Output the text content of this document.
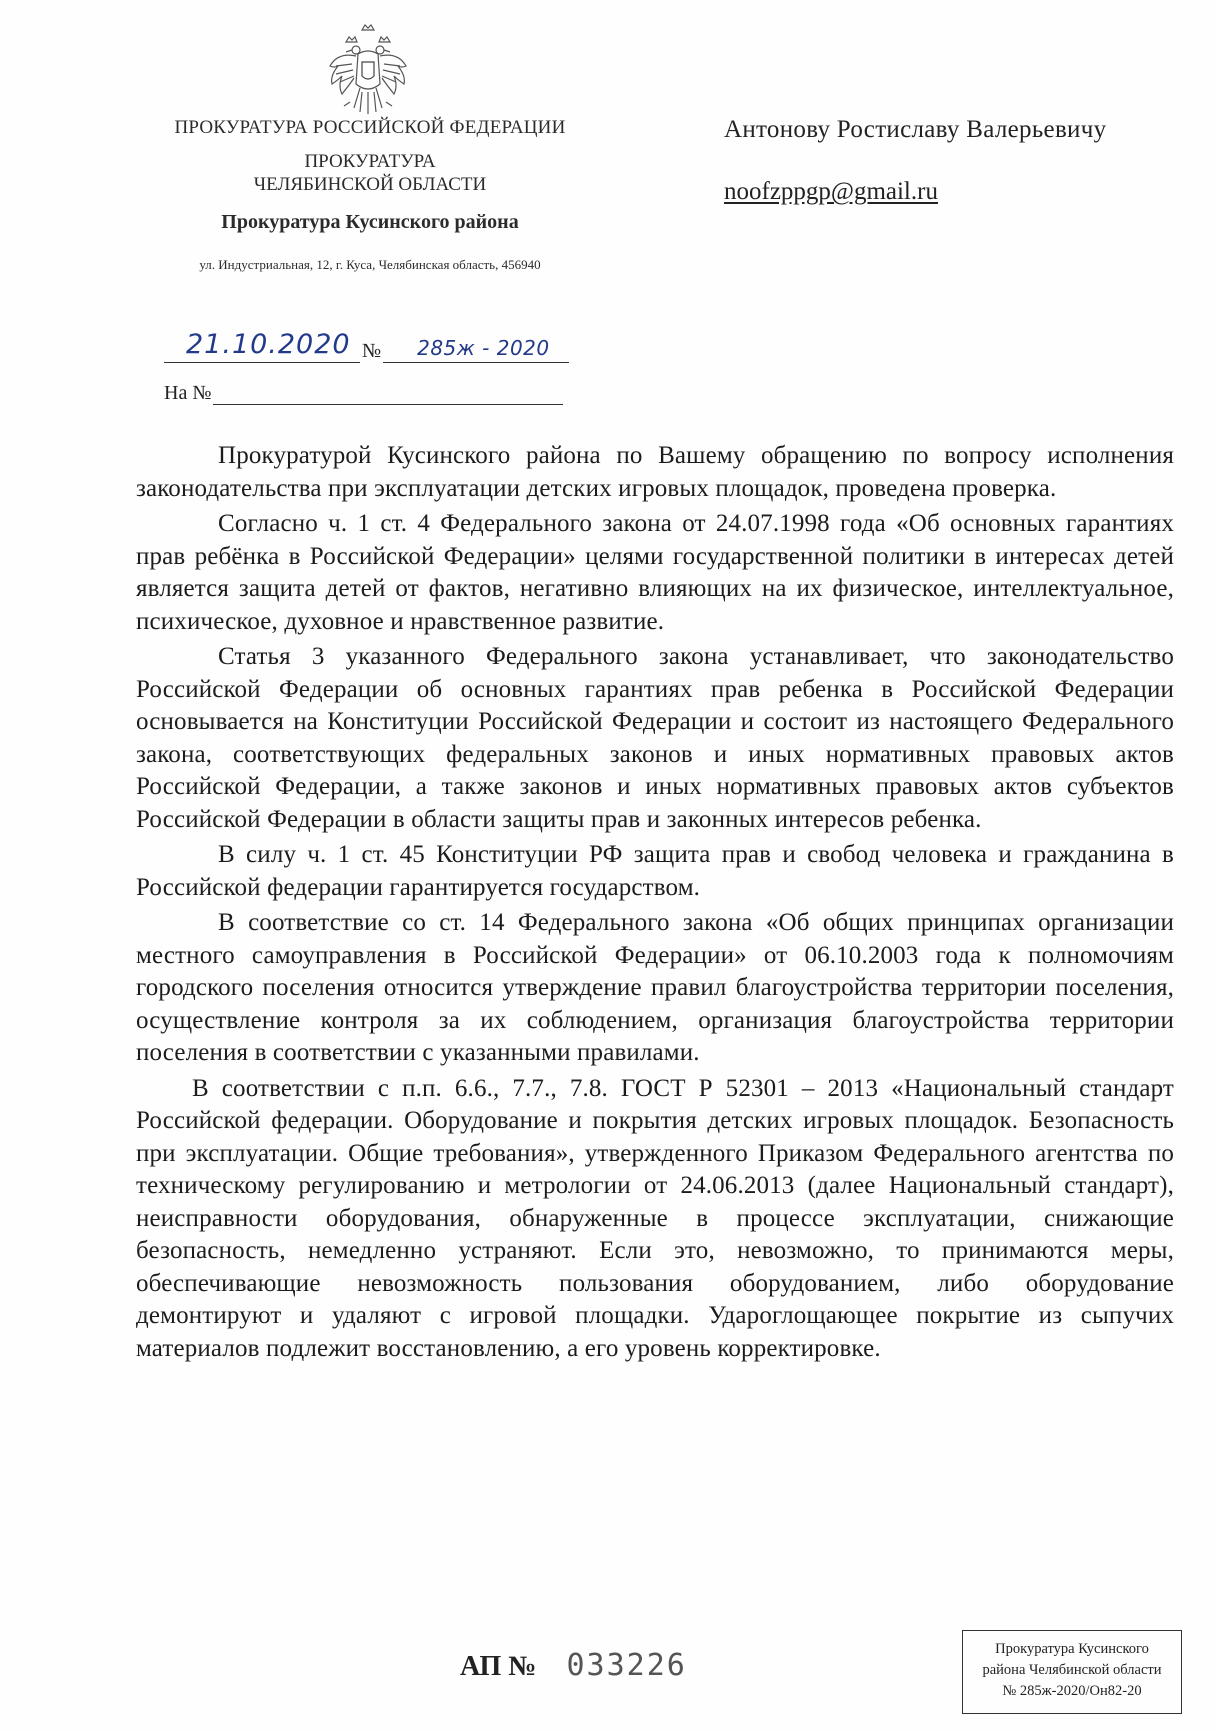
ПРОКУРАТУРА РОССИЙСКОЙ ФЕДЕРАЦИИ
ПРОКУРАТУРА
ЧЕЛЯБИНСКОЙ ОБЛАСТИ
Прокуратура Кусинского района
ул. Индустриальная, 12, г. Куса, Челябинская область, 456940
Антонову Ростиславу Валерьевичу
noofzppgp@gmail.ru
21.10.2020 № 285ж - 2020
На №

Прокуратурой Кусинского района по Вашему обращению по вопросу исполнения законодательства при эксплуатации детских игровых площадок, проведена проверка.

Согласно ч. 1 ст. 4 Федерального закона от 24.07.1998 года «Об основных гарантиях прав ребёнка в Российской Федерации» целями государственной политики в интересах детей является защита детей от фактов, негативно влияющих на их физическое, интеллектуальное, психическое, духовное и нравственное развитие.

Статья 3 указанного Федерального закона устанавливает, что законодательство Российской Федерации об основных гарантиях прав ребенка в Российской Федерации основывается на Конституции Российской Федерации и состоит из настоящего Федерального закона, соответствующих федеральных законов и иных нормативных правовых актов Российской Федерации, а также законов и иных нормативных правовых актов субъектов Российской Федерации в области защиты прав и законных интересов ребенка.

В силу ч. 1 ст. 45 Конституции РФ защита прав и свобод человека и гражданина в Российской федерации гарантируется государством.

В соответствие со ст. 14 Федерального закона «Об общих принципах организации местного самоуправления в Российской Федерации» от 06.10.2003 года к полномочиям городского поселения относится утверждение правил благоустройства территории поселения, осуществление контроля за их соблюдением, организация благоустройства территории поселения в соответствии с указанными правилами.

В соответствии с п.п. 6.6., 7.7., 7.8. ГОСТ Р 52301 – 2013 «Национальный стандарт Российской федерации. Оборудование и покрытия детских игровых площадок. Безопасность при эксплуатации. Общие требования», утвержденного Приказом Федерального агентства по техническому регулированию и метрологии от 24.06.2013 (далее Национальный стандарт), неисправности оборудования, обнаруженные в процессе эксплуатации, снижающие безопасность, немедленно устраняют. Если это, невозможно, то принимаются меры, обеспечивающие невозможность пользования оборудованием, либо оборудование демонтируют и удаляют с игровой площадки. Удароглощающее покрытие из сыпучих материалов подлежит восстановлению, а его уровень корректировке.

АП № 033226	Прокуратура Кусинского
района Челябинской области
№ 285ж-2020/Он82-20
